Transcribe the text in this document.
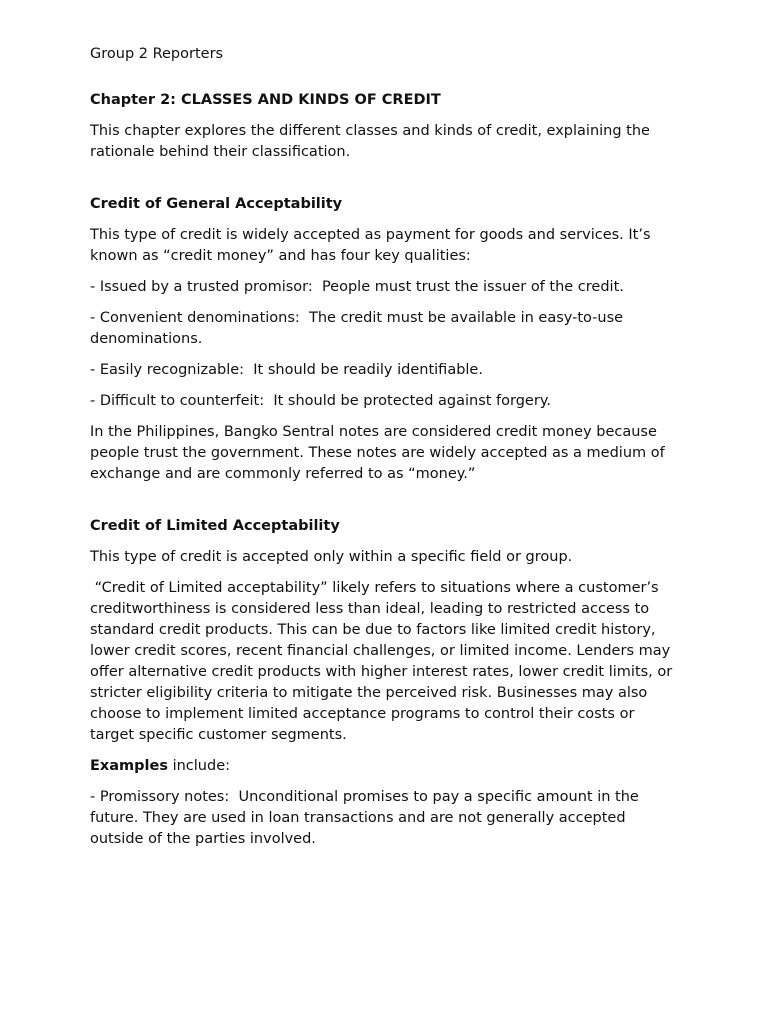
Group 2 Reporters

Chapter 2: CLASSES AND KINDS OF CREDIT

This chapter explores the different classes and kinds of credit, explaining the rationale behind their classification.

Credit of General Acceptability

This type of credit is widely accepted as payment for goods and services. It’s known as “credit money” and has four key qualities:

- Issued by a trusted promisor:  People must trust the issuer of the credit.

- Convenient denominations:  The credit must be available in easy-to-use denominations.

- Easily recognizable:  It should be readily identifiable.

- Difficult to counterfeit:  It should be protected against forgery.

In the Philippines, Bangko Sentral notes are considered credit money because people trust the government. These notes are widely accepted as a medium of exchange and are commonly referred to as “money.”

Credit of Limited Acceptability

This type of credit is accepted only within a specific field or group.

“Credit of Limited acceptability” likely refers to situations where a customer’s creditworthiness is considered less than ideal, leading to restricted access to standard credit products. This can be due to factors like limited credit history, lower credit scores, recent financial challenges, or limited income. Lenders may offer alternative credit products with higher interest rates, lower credit limits, or stricter eligibility criteria to mitigate the perceived risk. Businesses may also choose to implement limited acceptance programs to control their costs or target specific customer segments.

Examples include:

- Promissory notes:  Unconditional promises to pay a specific amount in the future. They are used in loan transactions and are not generally accepted outside of the parties involved.
